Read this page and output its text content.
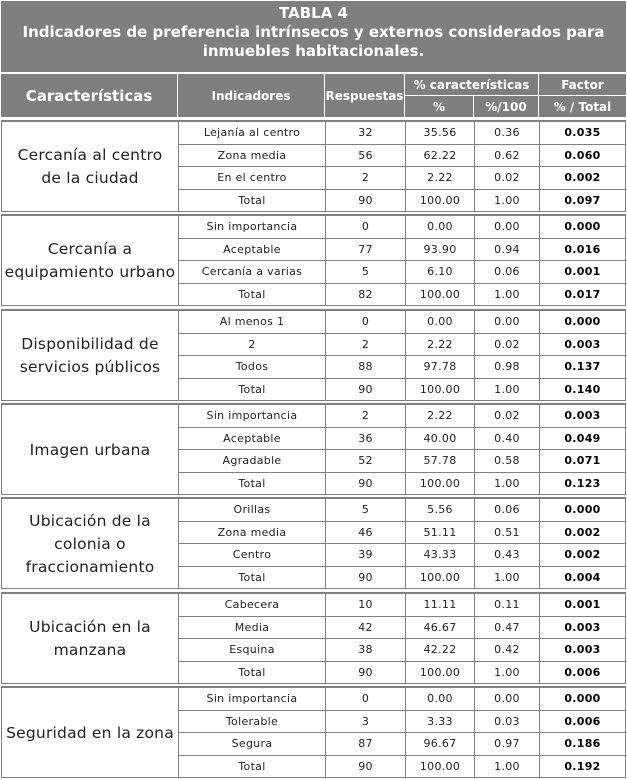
TABLA 4
Indicadores de preferencia intrínsecos y externos considerados para
inmuebles habitacionales.
Características	Indicadores	Respuestas
% características	Factor
%	%/100	% / Total
Cercanía al centro
de la ciudad
Lejanía al centro	32	35.56	0.36	0.035
Zona media	56	62.22	0.62	0.060
En el centro	2	2.22	0.02	0.002
Total	90	100.00	1.00	0.097
Cercanía a
equipamiento urbano
Sin importancia	0	0.00	0.00	0.000
Aceptable	77	93.90	0.94	0.016
Cercanía a varias	5	6.10	0.06	0.001
Total	82	100.00	1.00	0.017
Disponibilidad de
servicios públicos
Al menos 1	0	0.00	0.00	0.000
2	2	2.22	0.02	0.003
Todos	88	97.78	0.98	0.137
Total	90	100.00	1.00	0.140
Imagen urbana
Sin importancia	2	2.22	0.02	0.003
Aceptable	36	40.00	0.40	0.049
Agradable	52	57.78	0.58	0.071
Total	90	100.00	1.00	0.123
Ubicación de la
colonia o
fraccionamiento
Orillas	5	5.56	0.06	0.000
Zona media	46	51.11	0.51	0.002
Centro	39	43.33	0.43	0.002
Total	90	100.00	1.00	0.004
Ubicación en la
manzana
Cabecera	10	11.11	0.11	0.001
Media	42	46.67	0.47	0.003
Esquina	38	42.22	0.42	0.003
Total	90	100.00	1.00	0.006
Seguridad en la zona
Sin importancia	0	0.00	0.00	0.000
Tolerable	3	3.33	0.03	0.006
Segura	87	96.67	0.97	0.186
Total	90	100.00	1.00	0.192
